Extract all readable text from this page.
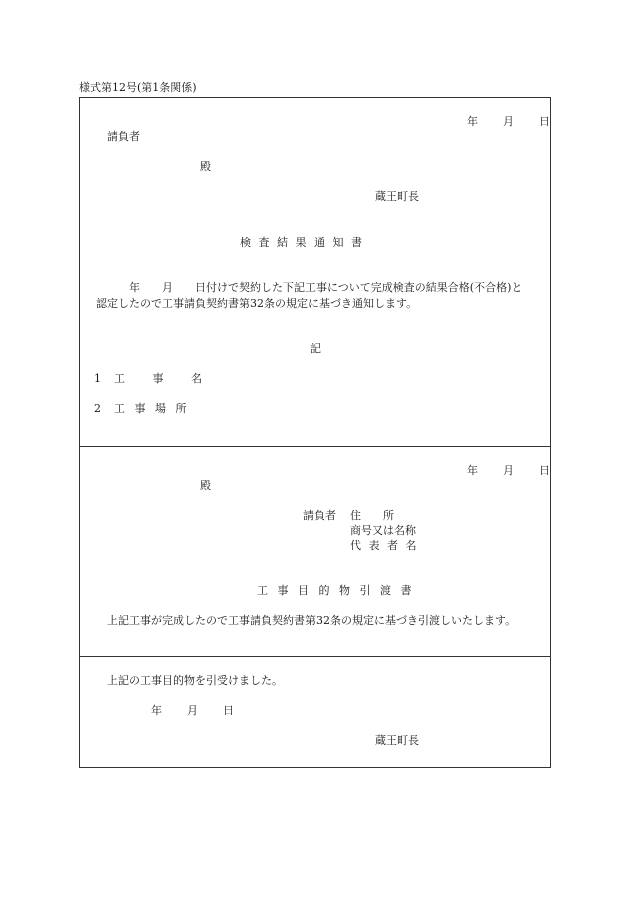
様式第12号(第1条関係)
年 月 日
請負者
殿
蔵王町長
検 査 結 果 通 知 書
年　　月　　日付けで契約した下記工事について完成検査の結果合格(不合格)と
認定したので工事請負契約書第32条の規定に基づき通知します。
記
1 工 事 名
2 工 事 場 所
年 月 日
殿
請負者 住　　所
商号又は名称
代 表 者 名
工 事 目 的 物 引 渡 書
上記工事が完成したので工事請負契約書第32条の規定に基づき引渡しいたします。
上記の工事目的物を引受けました。
年 月 日
蔵王町長
